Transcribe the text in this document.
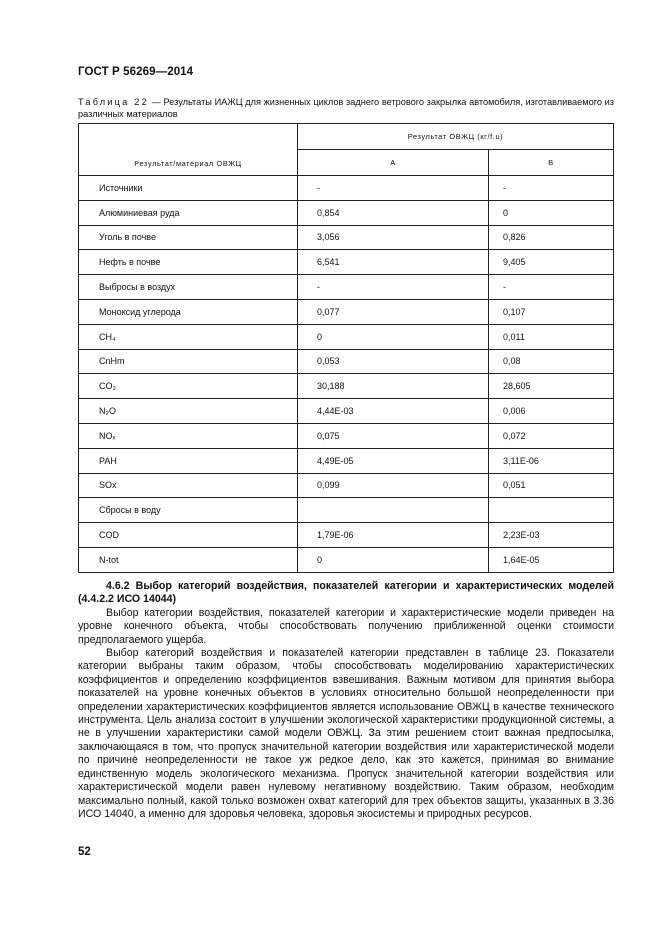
ГОСТ Р 56269—2014
Таблица 22 — Результаты ИАЖЦ для жизненных циклов заднего ветрового закрылка автомобиля, изготавливаемого из различных материалов
Результат/материал ОВЖЦ	Результат ОВЖЦ (кг/f.u)	
	A	B
Источники	-	-
Алюминиевая руда	0,854	0
Уголь в почве	3,056	0,826
Нефть в почве	6,541	9,405
Выбросы в воздух	-	-
Моноксид углерода	0,077	0,107
CH₄	0	0,011
CnHm	0,053	0,08
CO₂	30,188	28,605
N₂O	4,44E-03	0,006
NOₓ	0,075	0,072
PAH	4,49E-05	3,11E-06
SOx	0,099	0,051
Сбросы в воду		
COD	1,79E-06	2,23E-03
N-tot	0	1,64E-05

4.6.2 Выбор категорий воздействия, показателей категории и характеристических моделей (4.4.2.2 ИСО 14044)

Выбор категории воздействия, показателей категории и характеристические модели приведен на уровне конечного объекта, чтобы способствовать получению приближенной оценки стоимости предполагаемого ущерба.

Выбор категорий воздействия и показателей категории представлен в таблице 23. Показатели категории выбраны таким образом, чтобы способствовать моделированию характеристических коэффициентов и определению коэффициентов взвешивания. Важным мотивом для принятия выбора показателей на уровне конечных объектов в условиях относительно большой неопределенности при определении характеристических коэффициентов является использование ОВЖЦ в качестве технического инструмента. Цель анализа состоит в улучшении экологической характеристики продукционной системы, а не в улучшении характеристики самой модели ОВЖЦ. За этим решением стоит важная предпосылка, заключающаяся в том, что пропуск значительной категории воздействия или характеристической модели по причине неопределенности не такое уж редкое дело, как это кажется, принимая во внимание единственную модель экологического механизма. Пропуск значительной категории воздействия или характеристической модели равен нулевому негативному воздействию. Таким образом, необходим максимально полный, какой только возможен охват категорий для трех объектов защиты, указанных в 3.36 ИСО 14040, а именно для здоровья человека, здоровья экосистемы и природных ресурсов.

52
